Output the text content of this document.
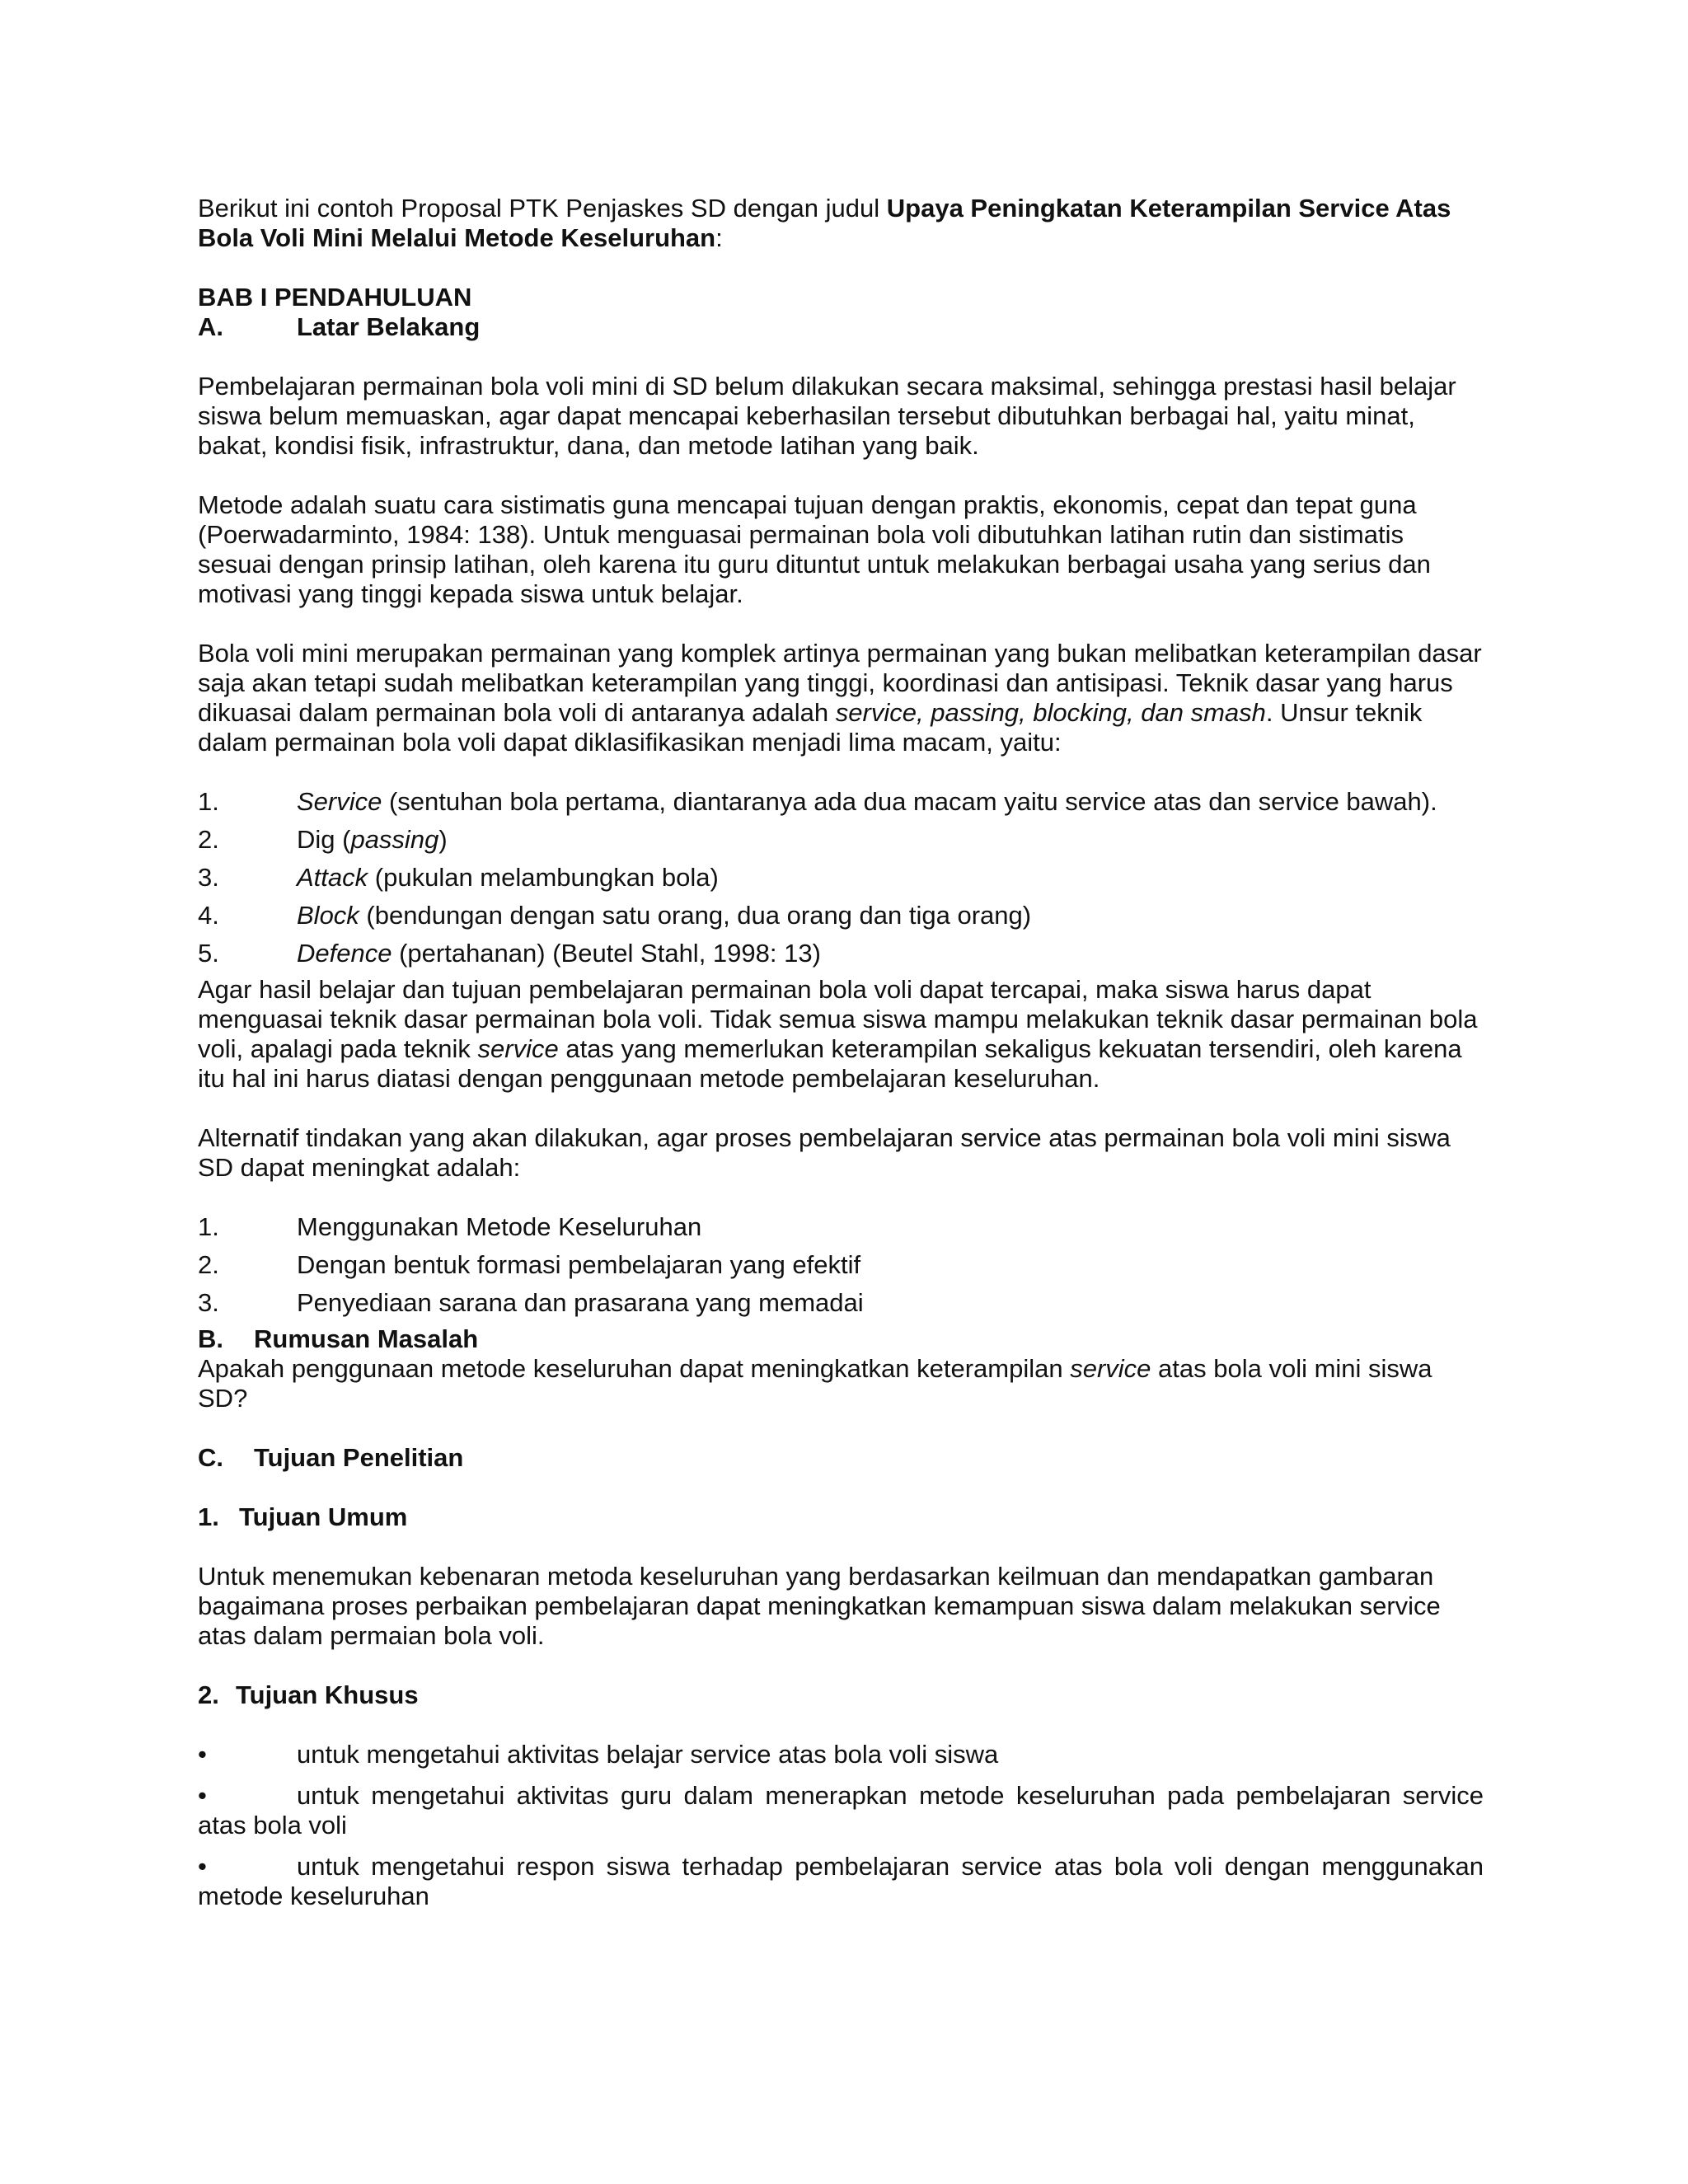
Berikut ini contoh Proposal PTK Penjaskes SD dengan judul Upaya Peningkatan Keterampilan Service Atas Bola Voli Mini Melalui Metode Keseluruhan:

BAB I PENDAHULUAN

A.	Latar Belakang

Pembelajaran permainan bola voli mini di SD belum dilakukan secara maksimal, sehingga prestasi hasil belajar siswa belum memuaskan, agar dapat mencapai keberhasilan tersebut dibutuhkan berbagai hal, yaitu minat, bakat, kondisi fisik, infrastruktur, dana, dan metode latihan yang baik.

Metode adalah suatu cara sistimatis guna mencapai tujuan dengan praktis, ekonomis, cepat dan tepat guna (Poerwadarminto, 1984: 138). Untuk menguasai permainan bola voli dibutuhkan latihan rutin dan sistimatis sesuai dengan prinsip latihan, oleh karena itu guru dituntut untuk melakukan berbagai usaha yang serius dan motivasi yang tinggi kepada siswa untuk belajar.

Bola voli mini merupakan permainan yang komplek artinya permainan yang bukan melibatkan keterampilan dasar saja akan tetapi sudah melibatkan keterampilan yang tinggi, koordinasi dan antisipasi. Teknik dasar yang harus dikuasai dalam permainan bola voli di antaranya adalah service, passing, blocking, dan smash. Unsur teknik dalam permainan bola voli dapat diklasifikasikan menjadi lima macam, yaitu:

1.	Service (sentuhan bola pertama, diantaranya ada dua macam yaitu service atas dan service bawah).
2.	Dig (passing)
3.	Attack (pukulan melambungkan bola)
4.	Block (bendungan dengan satu orang, dua orang dan tiga orang)
5.	Defence (pertahanan) (Beutel Stahl, 1998: 13)

Agar hasil belajar dan tujuan pembelajaran permainan bola voli dapat tercapai, maka siswa harus dapat menguasai teknik dasar permainan bola voli. Tidak semua siswa mampu melakukan teknik dasar permainan bola voli, apalagi pada teknik service atas yang memerlukan keterampilan sekaligus kekuatan tersendiri, oleh karena itu hal ini harus diatasi dengan penggunaan metode pembelajaran keseluruhan.

Alternatif tindakan yang akan dilakukan, agar proses pembelajaran service atas permainan bola voli mini siswa SD dapat meningkat adalah:

1.	Menggunakan Metode Keseluruhan
2.	Dengan bentuk formasi pembelajaran yang efektif
3.	Penyediaan sarana dan prasarana yang memadai

B. Rumusan Masalah

Apakah penggunaan metode keseluruhan dapat meningkatkan keterampilan service atas bola voli mini siswa SD?

C. Tujuan Penelitian

1. Tujuan Umum

Untuk menemukan kebenaran metoda keseluruhan yang berdasarkan keilmuan dan mendapatkan gambaran bagaimana proses perbaikan pembelajaran dapat meningkatkan kemampuan siswa dalam melakukan service atas dalam permaian bola voli.

2. Tujuan Khusus

•	untuk mengetahui aktivitas belajar service atas bola voli siswa
•	untuk mengetahui aktivitas guru dalam menerapkan metode keseluruhan pada pembelajaran service atas bola voli
•	untuk mengetahui respon siswa terhadap pembelajaran service atas bola voli dengan menggunakan metode keseluruhan
